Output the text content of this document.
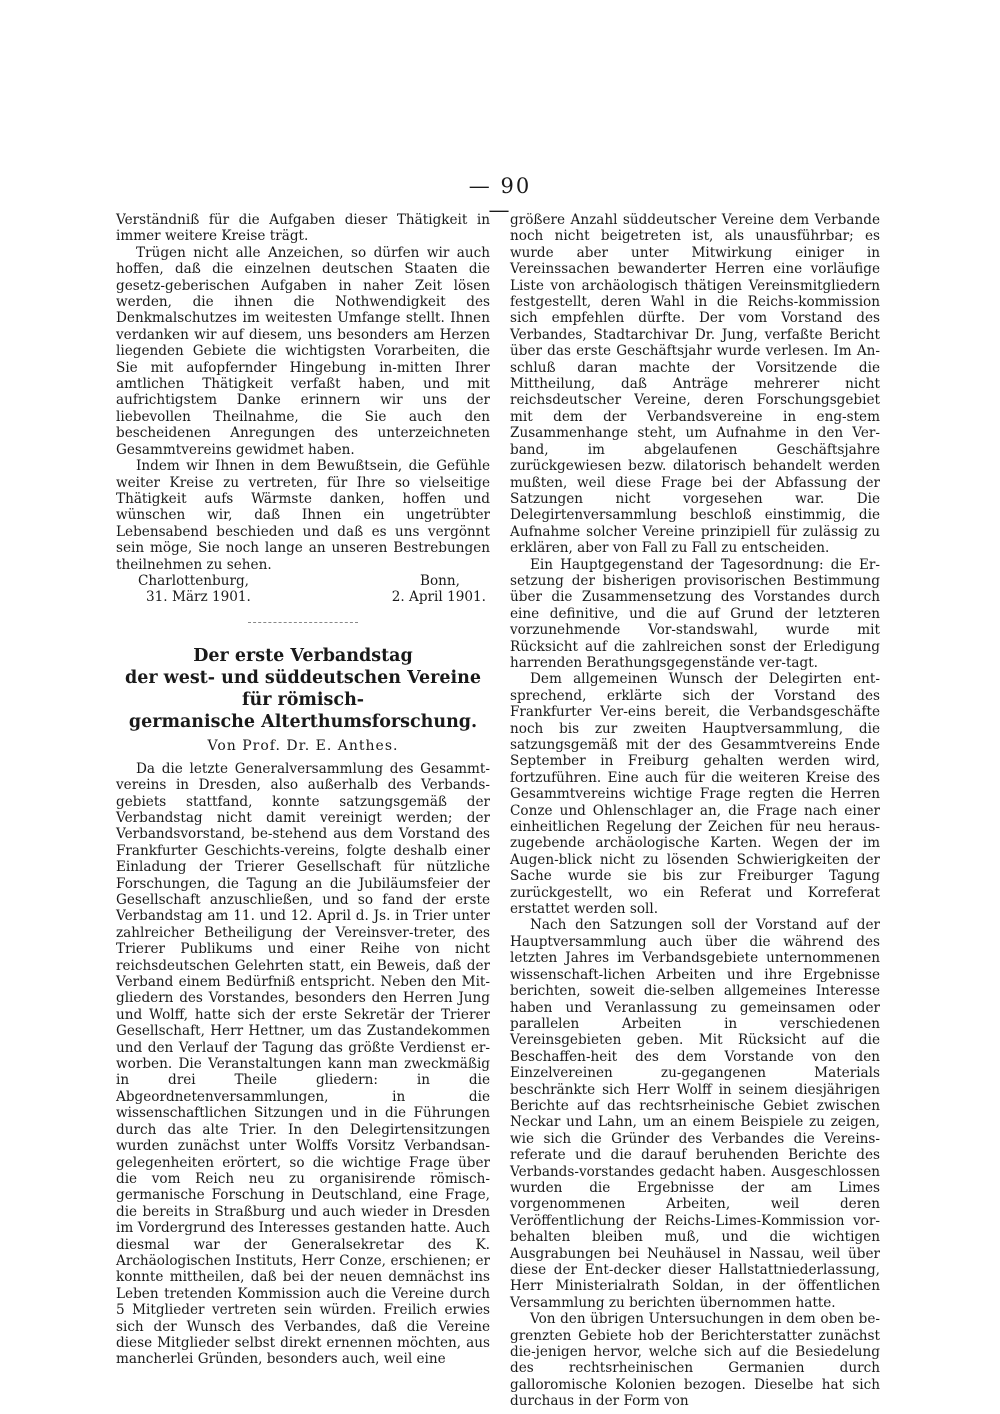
— 90 —

Verständniß für die Aufgaben dieser Thätigkeit in immer weitere Kreise trägt.

Trügen nicht alle Anzeichen, so dürfen wir auch hoffen, daß die einzelnen deutschen Staaten die gesetz-geberischen Aufgaben in naher Zeit lösen werden, die ihnen die Nothwendigkeit des Denkmalschutzes im weitesten Umfange stellt. Ihnen verdanken wir auf diesem, uns besonders am Herzen liegenden Gebiete die wichtigsten Vorarbeiten, die Sie mit aufopfernder Hingebung in-mitten Ihrer amtlichen Thätigkeit verfaßt haben, und mit aufrichtigstem Danke erinnern wir uns der liebevollen Theilnahme, die Sie auch den bescheidenen Anregungen des unterzeichneten Gesammtvereins gewidmet haben.

Indem wir Ihnen in dem Bewußtsein, die Gefühle weiter Kreise zu vertreten, für Ihre so vielseitige Thätigkeit aufs Wärmste danken, hoffen und wünschen wir, daß Ihnen ein ungetrübter Lebensabend beschieden und daß es uns vergönnt sein möge, Sie noch lange an unseren Bestrebungen theilnehmen zu sehen.

Charlottenburg,	Bonn,
31. März 1901.	2. April 1901.

Der erste Verbandstag

der west- und süddeutschen Vereine für römisch-

germanische Alterthumsforschung.

Von Prof. Dr. E. Anthes.

Da die letzte Generalversammlung des Gesammt-vereins in Dresden, also außerhalb des Verbands-gebiets stattfand, konnte satzungsgemäß der Verbandstag nicht damit vereinigt werden; der Verbandsvorstand, be-stehend aus dem Vorstand des Frankfurter Geschichts-vereins, folgte deshalb einer Einladung der Trierer Gesellschaft für nützliche Forschungen, die Tagung an die Jubiläumsfeier der Gesellschaft anzuschließen, und so fand der erste Verbandstag am 11. und 12. April d. Js. in Trier unter zahlreicher Betheiligung der Vereinsver-treter, des Trierer Publikums und einer Reihe von nicht reichsdeutschen Gelehrten statt, ein Beweis, daß der Verband einem Bedürfniß entspricht. Neben den Mit-gliedern des Vorstandes, besonders den Herren Jung und Wolff, hatte sich der erste Sekretär der Trierer Gesellschaft, Herr Hettner, um das Zustandekommen und den Verlauf der Tagung das größte Verdienst er-worben. Die Veranstaltungen kann man zweckmäßig in drei Theile gliedern: in die Abgeordnetenversammlungen, in die wissenschaftlichen Sitzungen und in die Führungen durch das alte Trier. In den Delegirtensitzungen wurden zunächst unter Wolffs Vorsitz Verbandsan-gelegenheiten erörtert, so die wichtige Frage über die vom Reich neu zu organisirende römisch-germanische Forschung in Deutschland, eine Frage, die bereits in Straßburg und auch wieder in Dresden im Vordergrund des Interesses gestanden hatte. Auch diesmal war der Generalsekretar des K. Archäologischen Instituts, Herr Conze, erschienen; er konnte mittheilen, daß bei der neuen demnächst ins Leben tretenden Kommission auch die Vereine durch 5 Mitglieder vertreten sein würden. Freilich erwies sich der Wunsch des Verbandes, daß die Vereine diese Mitglieder selbst direkt ernennen möchten, aus mancherlei Gründen, besonders auch, weil eine

größere Anzahl süddeutscher Vereine dem Verbande noch nicht beigetreten ist, als unausführbar; es wurde aber unter Mitwirkung einiger in Vereinssachen bewanderter Herren eine vorläufige Liste von archäologisch thätigen Vereinsmitgliedern festgestellt, deren Wahl in die Reichs-kommission sich empfehlen dürfte. Der vom Vorstand des Verbandes, Stadtarchivar Dr. Jung, verfaßte Bericht über das erste Geschäftsjahr wurde verlesen. Im An-schluß daran machte der Vorsitzende die Mittheilung, daß Anträge mehrerer nicht reichsdeutscher Vereine, deren Forschungsgebiet mit dem der Verbandsvereine in eng-stem Zusammenhange steht, um Aufnahme in den Ver-band, im abgelaufenen Geschäftsjahre zurückgewiesen bezw. dilatorisch behandelt werden mußten, weil diese Frage bei der Abfassung der Satzungen nicht vorgesehen war. Die Delegirtenversammlung beschloß einstimmig, die Aufnahme solcher Vereine prinzipiell für zulässig zu erklären, aber von Fall zu Fall zu entscheiden.

Ein Hauptgegenstand der Tagesordnung: die Er-setzung der bisherigen provisorischen Bestimmung über die Zusammensetzung des Vorstandes durch eine definitive, und die auf Grund der letzteren vorzunehmende Vor-standswahl, wurde mit Rücksicht auf die zahlreichen sonst der Erledigung harrenden Berathungsgegenstände ver-tagt.

Dem allgemeinen Wunsch der Delegirten ent-sprechend, erklärte sich der Vorstand des Frankfurter Ver-eins bereit, die Verbandsgeschäfte noch bis zur zweiten Hauptversammlung, die satzungsgemäß mit der des Gesammtvereins Ende September in Freiburg gehalten werden wird, fortzuführen. Eine auch für die weiteren Kreise des Gesammtvereins wichtige Frage regten die Herren Conze und Ohlenschlager an, die Frage nach einer einheitlichen Regelung der Zeichen für neu heraus-zugebende archäologische Karten. Wegen der im Augen-blick nicht zu lösenden Schwierigkeiten der Sache wurde sie bis zur Freiburger Tagung zurückgestellt, wo ein Referat und Korreferat erstattet werden soll.

Nach den Satzungen soll der Vorstand auf der Hauptversammlung auch über die während des letzten Jahres im Verbandsgebiete unternommenen wissenschaft-lichen Arbeiten und ihre Ergebnisse berichten, soweit die-selben allgemeines Interesse haben und Veranlassung zu gemeinsamen oder parallelen Arbeiten in verschiedenen Vereinsgebieten geben. Mit Rücksicht auf die Beschaffen-heit des dem Vorstande von den Einzelvereinen zu-gegangenen Materials beschränkte sich Herr Wolff in seinem diesjährigen Berichte auf das rechtsrheinische Gebiet zwischen Neckar und Lahn, um an einem Beispiele zu zeigen, wie sich die Gründer des Verbandes die Vereins-referate und die darauf beruhenden Berichte des Verbands-vorstandes gedacht haben. Ausgeschlossen wurden die Ergebnisse der am Limes vorgenommenen Arbeiten, weil deren Veröffentlichung der Reichs-Limes-Kommission vor-behalten bleiben muß, und die wichtigen Ausgrabungen bei Neuhäusel in Nassau, weil über diese der Ent-decker dieser Hallstattniederlassung, Herr Ministerialrath Soldan, in der öffentlichen Versammlung zu berichten übernommen hatte.

Von den übrigen Untersuchungen in dem oben be-grenzten Gebiete hob der Berichterstatter zunächst die-jenigen hervor, welche sich auf die Besiedelung des rechtsrheinischen Germanien durch galloromische Kolonien bezogen. Dieselbe hat sich durchaus in der Form von
